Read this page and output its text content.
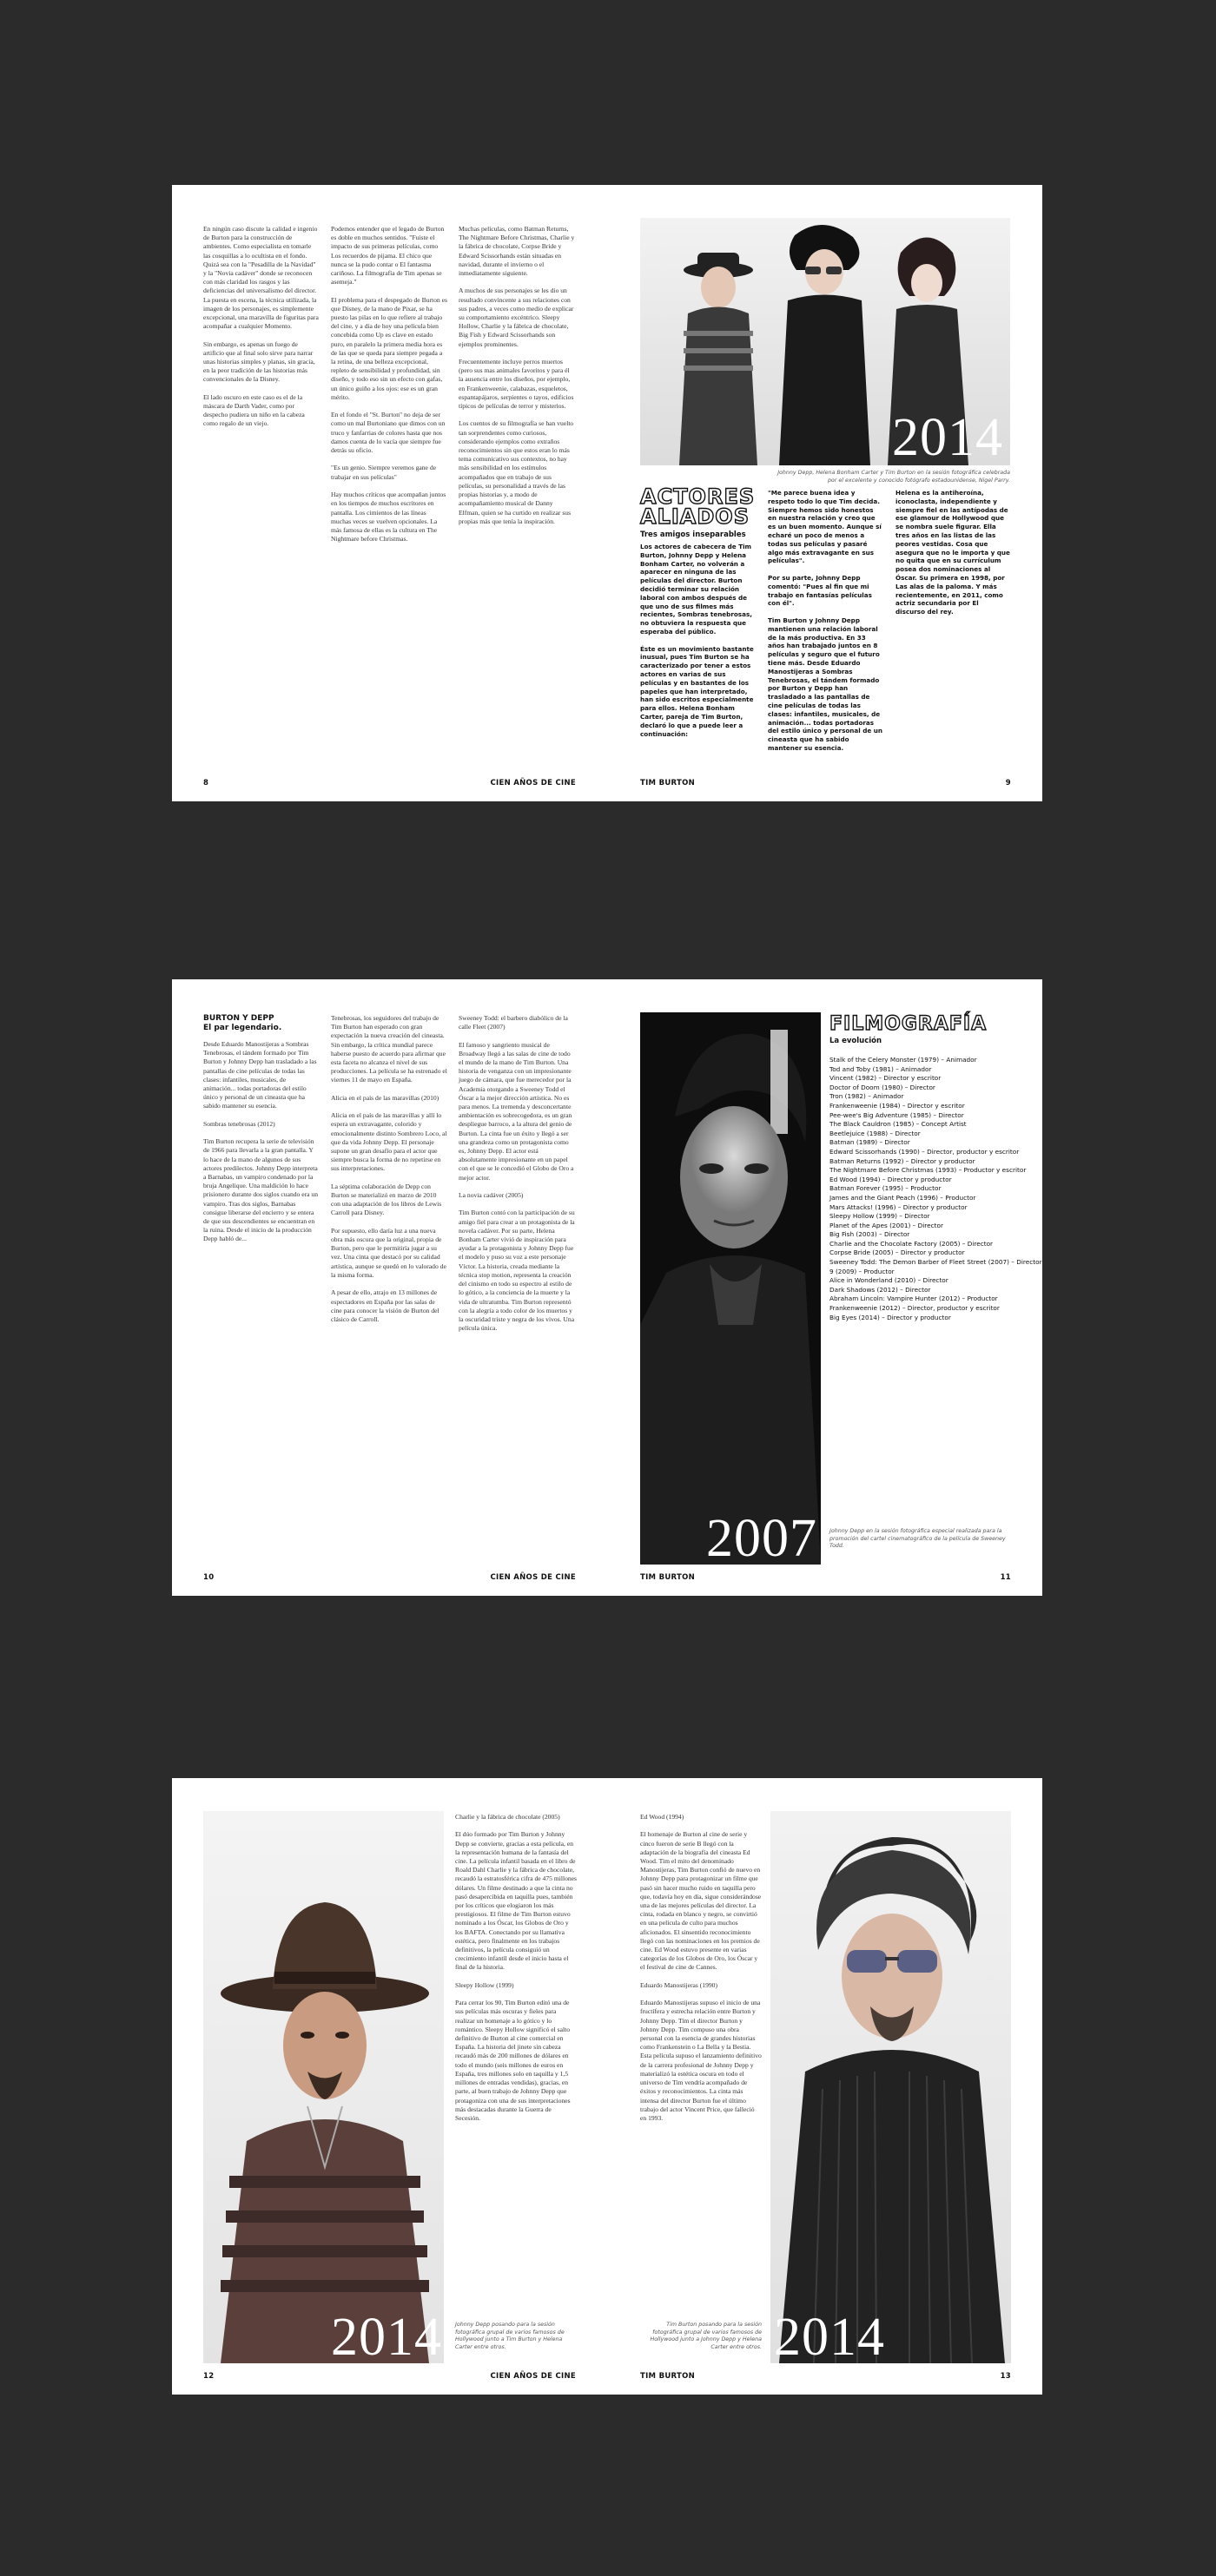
En ningún caso discute la calidad e ingenio de Burton para la construcción de ambientes. Como especialista en tomarle las cosquillas a lo ocultista en el fondo. Quizá sea con la "Pesadilla de la Navidad" y la "Novia cadáver" donde se reconocen con más claridad los rasgos y las deficiencias del universalismo del director. La puesta en escena, la técnica utilizada, la imagen de los personajes, es simplemente excepcional, una maravilla de figuritas para acompañar a cualquier Momento.

Sin embargo, es apenas un fuego de artificio que al final solo sirve para narrar unas historias simples y planas, sin gracia, en la peor tradición de las historias más convencionales de la Disney.

El lado oscuro en este caso es el de la máscara de Darth Vader, como por despecho pudiera un niño en la cabeza como regalo de un viejo.
Podemos entender que el legado de Burton es doble en muchos sentidos. "Fuiste el impacto de sus primeras películas, como Los recuerdos de pijama. El chico que nunca se la pudo contar o El fantasma cariñoso. La filmografía de Tim apenas se asemeja."

El problema para el despegado de Burton es que Disney, de la mano de Pixar, se ha puesto las pilas en lo que refiere al trabajo del cine, y a día de hoy una película bien concebida como Up es clave en estado puro, en paralelo la primera media hora es de las que se queda para siempre pegada a la retina, de una belleza excepcional, repleto de sensibilidad y profundidad, sin diseño, y todo eso sin un efecto con gafas, un único guiño a los ojos: ese es un gran mérito.

En el fondo el "St. Burton" no deja de ser como un mal Burtoniano que dimos con un truco y fanfarrias de colores hasta que nos damos cuenta de lo vacía que siempre fue detrás su oficio.

"Es un genio. Siempre veremos gane de trabajar en sus películas"

Hay muchos críticos que acompañan juntos en los tiempos de muchos escritores en pantalla. Los cimientos de las líneas muchas veces se vuelven opcionales. La más famosa de ellas es la cultura en The Nightmare before Christmas.
Muchas películas, como Batman Returns, The Nightmare Before Christmas, Charlie y la fábrica de chocolate, Corpse Bride y Edward Scissorhands están situadas en navidad, durante el invierno o el inmediatamente siguiente.

A muchos de sus personajes se les dio un resultado convincente a sus relaciones con sus padres, a veces como medio de explicar su comportamiento excéntrico. Sleepy Hollow, Charlie y la fábrica de chocolate, Big Fish y Edward Scissorhands son ejemplos prominentes.

Frecuentemente incluye perros muertos (pero sus mas animales favoritos y para él la ausencia entre los diseños, por ejemplo, en Frankenweenie, calabazas, esqueletos, espantapájaros, serpientes o tayos, edificios típicos de películas de terror y misterios.

Los cuentos de su filmografía se han vuelto tan sorprendentes como curiosos, considerando ejemplos como extraños reconocimientos sin que estos eran lo más tema comunicativo sus contextos, no hay más sensibilidad en los estímulos acompañados que en trabajo de sus películas, su personalidad a través de las propias historias y, a modo de acompañamiento musical de Danny Elfman, quien se ha curtido en realizar sus propias más que tenía la inspiración.
8	CIEN AÑOS DE CINE
2014
Johnny Depp, Helena Bonham Carter y Tim Burton en la sesión fotográfica celebrada por el excelente y conocido fotógrafo estadounidense, Nigel Parry.
ACTORES
ALIADOS
Tres amigos inseparables
Los actores de cabecera de Tim Burton, Johnny Depp y Helena Bonham Carter, no volverán a aparecer en ninguna de las películas del director. Burton decidió terminar su relación laboral con ambos después de que uno de sus filmes más recientes, Sombras tenebrosas, no obtuviera la respuesta que esperaba del público.

Éste es un movimiento bastante inusual, pues Tim Burton se ha caracterizado por tener a estos actores en varias de sus películas y en bastantes de los papeles que han interpretado, han sido escritos especialmente para ellos. Helena Bonham Carter, pareja de Tim Burton, declaró lo que a puede leer a continuación:
"Me parece buena idea y respeto todo lo que Tim decida. Siempre hemos sido honestos en nuestra relación y creo que es un buen momento. Aunque sí echaré un poco de menos a todas sus películas y pasaré algo más extravagante en sus películas".

Por su parte, Johnny Depp comentó: "Pues al fin que mi trabajo en fantasías películas con él".

Tim Burton y Johnny Depp mantienen una relación laboral de la más productiva. En 33 años han trabajado juntos en 8 películas y seguro que el futuro tiene más. Desde Eduardo Manostijeras a Sombras Tenebrosas, el tándem formado por Burton y Depp han trasladado a las pantallas de cine películas de todas las clases: infantiles, musicales, de animación... todas portadoras del estilo único y personal de un cineasta que ha sabido mantener su esencia.
Helena es la antiheroína, iconoclasta, independiente y siempre fiel en las antípodas de ese glamour de Hollywood que se nombra suele figurar. Ella tres años en las listas de las peores vestidas. Cosa que asegura que no le importa y que no quita que en su currículum posea dos nominaciones al Óscar. Su primera en 1998, por Las alas de la paloma. Y más recientemente, en 2011, como actriz secundaria por El discurso del rey.
TIM BURTON	9
BURTON Y DEPP
El par legendario.
Desde Eduardo Manostijeras a Sombras Tenebrosas, el tándem formado por Tim Burton y Johnny Depp han trasladado a las pantallas de cine películas de todas las clases: infantiles, musicales, de animación... todas portadoras del estilo único y personal de un cineasta que ha sabido mantener su esencia.

Sombras tenebrosas (2012)

Tim Burton recupera la serie de televisión de 1966 para llevarla a la gran pantalla. Y lo hace de la mano de algunos de sus actores predilectos. Johnny Depp interpreta a Barnabas, un vampiro condenado por la bruja Angelique. Una maldición lo hace prisionero durante dos siglos cuando era un vampiro. Tras dos siglos, Barnabas consigue liberarse del encierro y se entera de que sus descendientes se encuentran en la ruina. Desde el inicio de la producción Depp habló de...
Tenebrosas, los seguidores del trabajo de Tim Burton han esperado con gran expectación la nueva creación del cineasta. Sin embargo, la crítica mundial parece haberse puesto de acuerdo para afirmar que esta faceta no alcanza el nivel de sus producciones. La película se ha estrenado el viernes 11 de mayo en España.

Alicia en el país de las maravillas (2010)

Alicia en el país de las maravillas y allí lo espera un extravagante, colorido y emocionalmente distinto Sombrero Loco, al que da vida Johnny Depp. El personaje supone un gran desafío para el actor que siempre busca la forma de no repetirse en sus interpretaciones.

La séptima colaboración de Depp con Burton se materializó en marzo de 2010 con una adaptación de los libros de Lewis Carroll para Disney.

Por supuesto, ello daría luz a una nueva obra más oscura que la original, propia de Burton, pero que le permitiría jugar a su vez. Una cinta que destacó por su calidad artística, aunque se quedó en lo valorado de la misma forma.

A pesar de ello, atrajo en 13 millones de espectadores en España por las salas de cine para conocer la visión de Burton del clásico de Carroll.
Sweeney Todd: el barbero diabólico de la calle Fleet (2007)

El famoso y sangriento musical de Broadway llegó a las salas de cine de todo el mundo de la mano de Tim Burton. Una historia de venganza con un impresionante juego de cámara, que fue merecedor por la Academia otorgando a Sweeney Todd el Óscar a la mejor dirección artística. No es para menos. La tremenda y desconcertante ambientación es sobrecogedora, es un gran despliegue barroco, a la altura del genio de Burton. La cinta fue un éxito y llegó a ser una grandeza como un protagonista como es, Johnny Depp. El actor está absolutamente impresionante en un papel con el que se le concedió el Globo de Oro a mejor actor.

La novia cadáver (2005)

Tim Burton contó con la participación de su amigo fiel para crear a un protagonista de la novela cadáver. Por su parte, Helena Bonham Carter vivió de inspiración para ayudar a la protagonista y Johnny Depp fue el modelo y puso su voz a este personaje Víctor. La historia, creada mediante la técnica stop motion, representa la creación del cinismo en todo su espectro al estilo de lo gótico, a la conciencia de la muerte y la vida de ultratumba. Tim Burton representó con la alegría a todo color de los muertos y la oscuridad triste y negra de los vivos. Una película única.
10	CIEN AÑOS DE CINE
2007
FILMOGRAFÍA
La evolución
Stalk of the Celery Monster (1979) – Animador
Tod and Toby (1981) – Animador
Vincent (1982) – Director y escritor
Doctor of Doom (1980) – Director
Tron (1982) – Animador
Frankenweenie (1984) – Director y escritor
Pee-wee's Big Adventure (1985) – Director
The Black Cauldron (1985) – Concept Artist
Beetlejuice (1988) – Director
Batman (1989) – Director
Edward Scissorhands (1990) – Director, productor y escritor
Batman Returns (1992) – Director y productor
The Nightmare Before Christmas (1993) – Productor y escritor
Ed Wood (1994) – Director y productor
Batman Forever (1995) – Productor
James and the Giant Peach (1996) – Productor
Mars Attacks! (1996) – Director y productor
Sleepy Hollow (1999) – Director
Planet of the Apes (2001) – Director
Big Fish (2003) – Director
Charlie and the Chocolate Factory (2005) – Director
Corpse Bride (2005) – Director y productor
Sweeney Todd: The Demon Barber of Fleet Street (2007) – Director
9 (2009) – Productor
Alice in Wonderland (2010) – Director
Dark Shadows (2012) – Director
Abraham Lincoln: Vampire Hunter (2012) – Productor
Frankenweenie (2012) – Director, productor y escritor
Big Eyes (2014) – Director y productor
Johnny Depp en la sesión fotográfica especial realizada para la promoción del cartel cinematográfico de la película de Sweeney Todd.
TIM BURTON	11
2014
Charlie y la fábrica de chocolate (2005)

El dúo formado por Tim Burton y Johnny Depp se convierte, gracias a esta película, en la representación humana de la fantasía del cine. La película infantil basada en el libro de Roald Dahl Charlie y la fábrica de chocolate, recaudó la estratosférica cifra de 475 millones dólares. Un filme destinado a que la cinta no pasó desapercibida en taquilla pues, también por los críticos que elogiaron los más prestigiosos. El filme de Tim Burton estuvo nominado a los Óscar, los Globos de Oro y los BAFTA. Conectando por su llamativa estética, pero finalmente en los trabajos definitivos, la película consiguió un crecimiento infantil desde el inicio hasta el final de la historia.

Sleepy Hollow (1999)

Para cerrar los 90, Tim Burton editó una de sus películas más oscuras y fieles para realizar un homenaje a lo gótico y lo romántico. Sleepy Hollow significó el salto definitivo de Burton al cine comercial en España. La historia del jinete sin cabeza recaudó más de 200 millones de dólares en todo el mundo (seis millones de euros en España, tres millones solo en taquilla y 1,5 millones de entradas vendidas), gracias, en parte, al buen trabajo de Johnny Depp que protagoniza con una de sus interpretaciones más destacadas durante la Guerra de Secesión.
Johnny Depp posando para la sesión fotográfica grupal de varios famosos de Hollywood junto a Tim Burton y Helena Carter entre otros.
12	CIEN AÑOS DE CINE
Ed Wood (1994)

El homenaje de Burton al cine de serie y cinco fueron de serie B llegó con la adaptación de la biografía del cineasta Ed Wood. Tim el mito del denominado Manostijeras, Tim Burton confió de nuevo en Johnny Depp para protagonizar un filme que pasó sin hacer mucho ruido en taquilla pero que, todavía hoy en día, sigue considerándose una de las mejores películas del director. La cinta, rodada en blanco y negro, se convirtió en una película de culto para muchos aficionados. El sinsentido reconocimiento llegó con las nominaciones en los premios de cine. Ed Wood estuvo presente en varias categorías de los Globos de Oro, los Óscar y el festival de cine de Cannes.

Eduardo Manostijeras (1990)

Eduardo Manostijeras supuso el inicio de una fructífera y estrecha relación entre Burton y Johnny Depp. Tim el director Burton y Johnny Depp. Tim compuso una obra personal con la esencia de grandes historias como Frankenstein o La Bella y la Bestia. Esta película supuso el lanzamiento definitivo de la carrera profesional de Johnny Depp y materializó la estética oscura en todo el universo de Tim vendría acompañado de éxitos y reconocimientos. La cinta más intensa del director Burton fue el último trabajo del actor Vincent Price, que falleció en 1993.
Tim Burton posando para la sesión fotográfica grupal de varios famosos de Hollywood junto a Johnny Depp y Helena Carter entre otros. 2014
TIM BURTON	13
